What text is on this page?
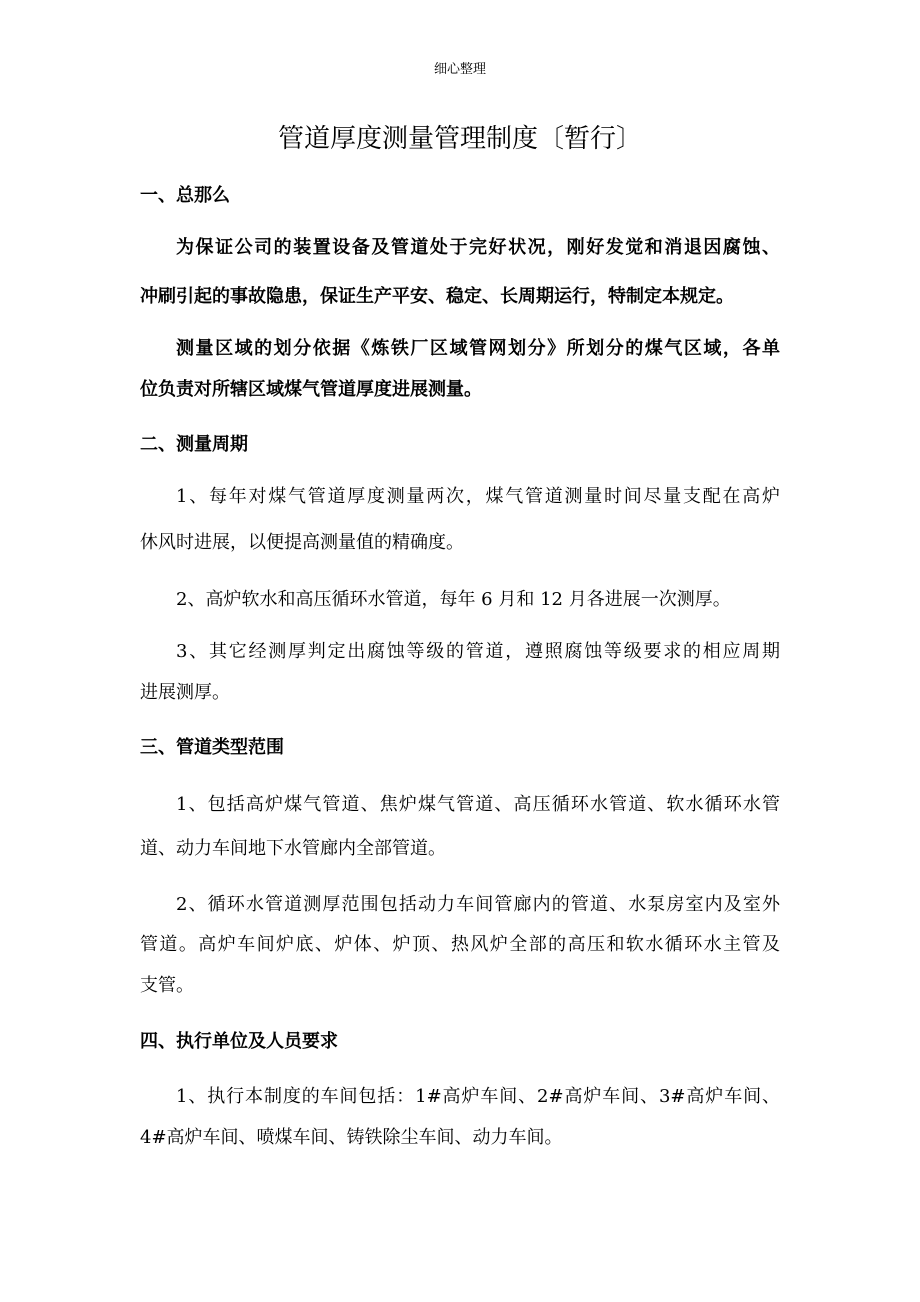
细心整理
管道厚度测量管理制度〔暂行〕
一、总那么
为保证公司的装置设备及管道处于完好状况，刚好发觉和消退因腐蚀、
冲刷引起的事故隐患，保证生产平安、稳定、长周期运行，特制定本规定。
测量区域的划分依据《炼铁厂区域管网划分》所划分的煤气区域，各单
位负责对所辖区域煤气管道厚度进展测量。
二、测量周期
1、每年对煤气管道厚度测量两次，煤气管道测量时间尽量支配在高炉
休风时进展，以便提高测量值的精确度。
2、高炉软水和高压循环水管道，每年 6 月和 12 月各进展一次测厚。
3、其它经测厚判定出腐蚀等级的管道，遵照腐蚀等级要求的相应周期
进展测厚。
三、管道类型范围
1、包括高炉煤气管道、焦炉煤气管道、高压循环水管道、软水循环水管
道、动力车间地下水管廊内全部管道。
2、循环水管道测厚范围包括动力车间管廊内的管道、水泵房室内及室外
管道。高炉车间炉底、炉体、炉顶、热风炉全部的高压和软水循环水主管及
支管。
四、执行单位及人员要求
1、执行本制度的车间包括：1#高炉车间、2#高炉车间、3#高炉车间、
4#高炉车间、喷煤车间、铸铁除尘车间、动力车间。
